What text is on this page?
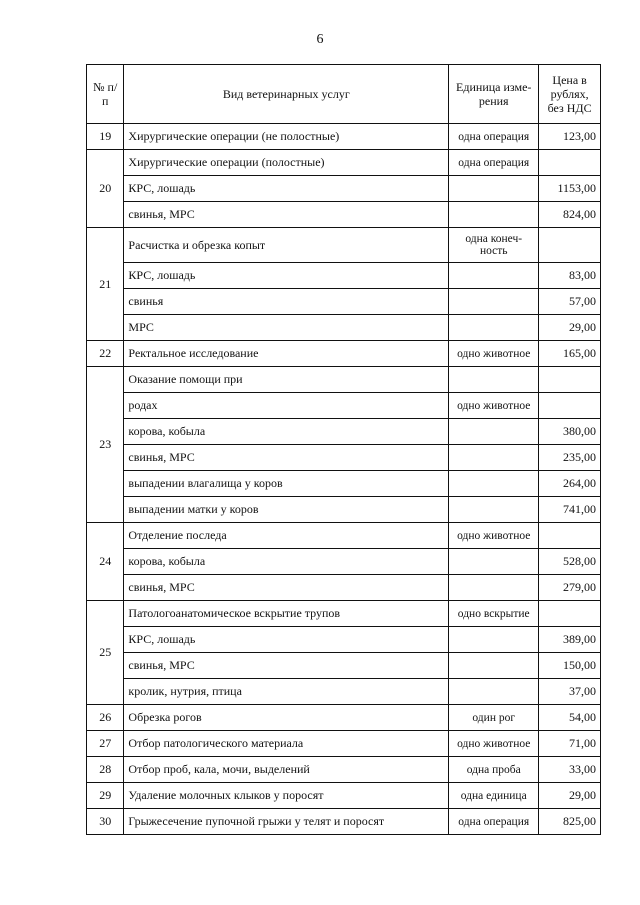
6
№ п/п	Вид ветеринарных услуг	Единица изме-рения	Цена в рублях, без НДС
19	Хирургические операции (не полостные)	одна операция	123,00
20	Хирургические операции (полостные)	одна операция	
	КРС, лошадь		1153,00
	свинья, МРС		824,00
21	Расчистка и обрезка копыт	одна конеч-ность	
	КРС, лошадь		83,00
	свинья		57,00
	МРС		29,00
22	Ректальное исследование	одно животное	165,00
23	Оказание помощи при		
	родах	одно животное	
	корова, кобыла		380,00
	свинья, МРС		235,00
	выпадении влагалища у коров		264,00
	выпадении матки у коров		741,00
24	Отделение последа	одно животное	
	корова, кобыла		528,00
	свинья, МРС		279,00
25	Патологоанатомическое вскрытие трупов	одно вскрытие	
	КРС, лошадь		389,00
	свинья, МРС		150,00
	кролик, нутрия, птица		37,00
26	Обрезка рогов	один рог	54,00
27	Отбор патологического материала	одно животное	71,00
28	Отбор проб, кала, мочи, выделений	одна проба	33,00
29	Удаление молочных клыков у поросят	одна единица	29,00
30	Грыжесечение пупочной грыжи у телят и поросят	одна операция	825,00
